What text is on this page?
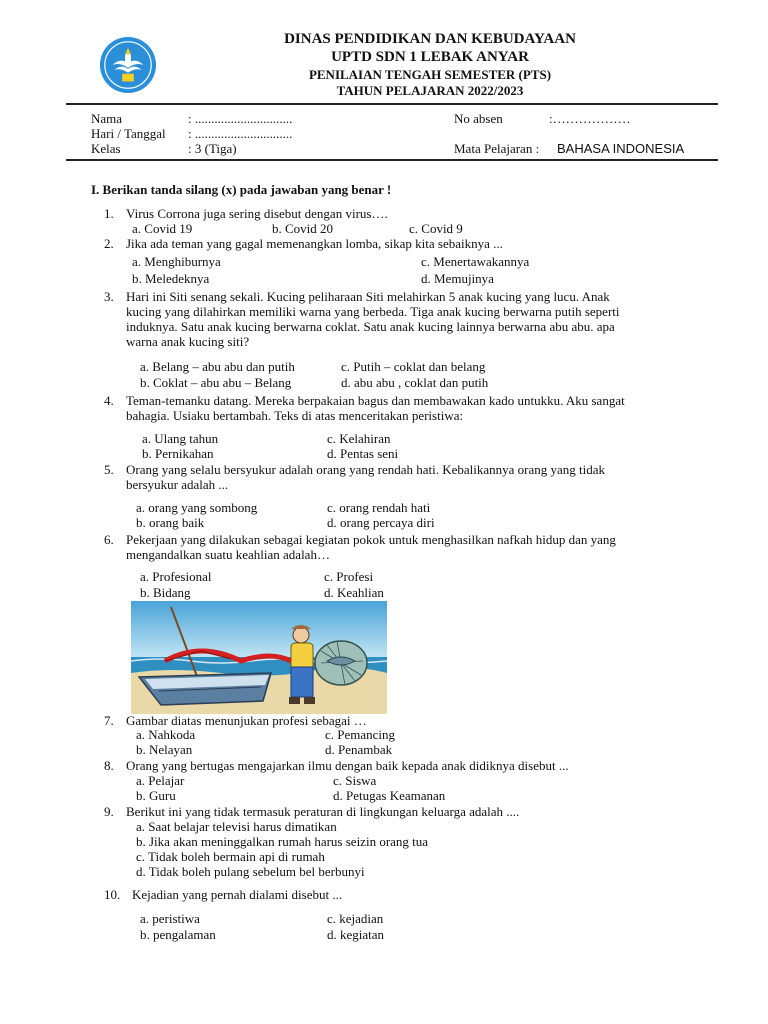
DINAS PENDIDIKAN DAN KEBUDAYAAN
UPTD SDN 1 LEBAK ANYAR
PENILAIAN TENGAH SEMESTER (PTS)
TAHUN PELAJARAN 2022/2023
Nama	: ..............................
Hari / Tanggal : ..............................
Kelas	: 3 (Tiga)
No absen	:………………
Mata Pelajaran : BAHASA INDONESIA
I. Berikan tanda silang (x) pada jawaban yang benar !
1. Virus Corrona juga sering disebut dengan virus….
a. Covid 19	b. Covid 20	c. Covid 9
2. Jika ada teman yang gagal memenangkan lomba, sikap kita sebaiknya ...
a. Menghiburnya	c. Menertawakannya
b. Meledeknya	d. Memujinya
3. Hari ini Siti senang sekali. Kucing peliharaan Siti melahirkan 5 anak kucing yang lucu. Anak
kucing yang dilahirkan memiliki warna yang berbeda. Tiga anak kucing berwarna putih seperti
induknya. Satu anak kucing berwarna coklat. Satu anak kucing lainnya berwarna abu abu. apa
warna anak kucing siti?
a. Belang – abu abu dan putih	c. Putih – coklat dan belang
b. Coklat – abu abu – Belang	d. abu abu , coklat dan putih
4. Teman-temanku datang. Mereka berpakaian bagus dan membawakan kado untukku. Aku sangat
bahagia. Usiaku bertambah. Teks di atas menceritakan peristiwa:
a. Ulang tahun	c. Kelahiran
b. Pernikahan	d. Pentas seni
5. Orang yang selalu bersyukur adalah orang yang rendah hati. Kebalikannya orang yang tidak
bersyukur adalah ...
a. orang yang sombong	c. orang rendah hati
b. orang baik	d. orang percaya diri
6. Pekerjaan yang dilakukan sebagai kegiatan pokok untuk menghasilkan nafkah hidup dan yang
mengandalkan suatu keahlian adalah…
a. Profesional	c. Profesi
b. Bidang	d. Keahlian
7. Gambar diatas menunjukan profesi sebagai …
a. Nahkoda	c. Pemancing
b. Nelayan	d. Penambak
8. Orang yang bertugas mengajarkan ilmu dengan baik kepada anak didiknya disebut ...
a. Pelajar	c. Siswa
b. Guru	d. Petugas Keamanan
9. Berikut ini yang tidak termasuk peraturan di lingkungan keluarga adalah ....
a. Saat belajar televisi harus dimatikan
b. Jika akan meninggalkan rumah harus seizin orang tua
c. Tidak boleh bermain api di rumah
d. Tidak boleh pulang sebelum bel berbunyi
10. Kejadian yang pernah dialami disebut ...
a. peristiwa	c. kejadian
b. pengalaman	d. kegiatan
